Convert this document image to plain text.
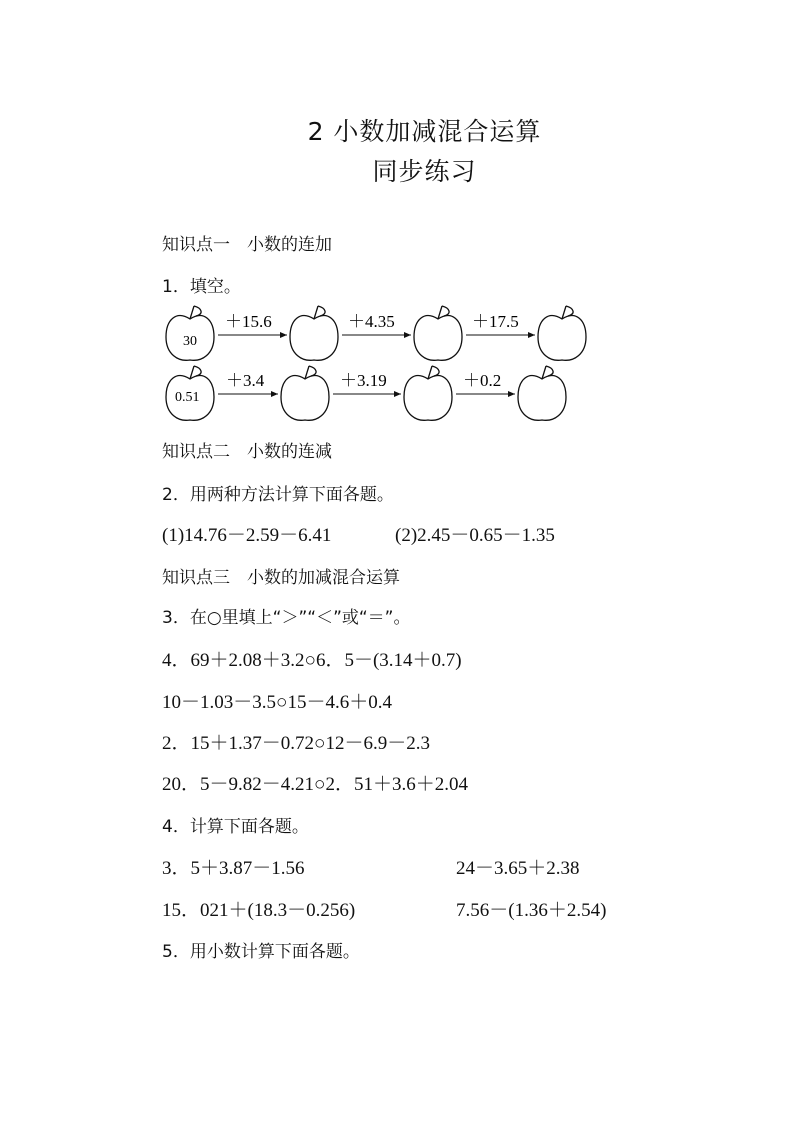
2 小数加减混合运算
同步练习
知识点一　小数的连加
1．填空。
30
＋15.6	＋4.35	＋17.5
0.51
＋3.4	＋3.19	＋0.2
知识点二　小数的连减
2．用两种方法计算下面各题。
(1)14.76－2.59－6.41	(2)2.45－0.65－1.35
知识点三　小数的加减混合运算
3．在○里填上“＞”“＜”或“＝”。
4．69＋2.08＋3.2○6．5－(3.14＋0.7)
10－1.03－3.5○15－4.6＋0.4
2．15＋1.37－0.72○12－6.9－2.3
20．5－9.82－4.21○2．51＋3.6＋2.04
4．计算下面各题。
3．5＋3.87－1.56	24－3.65＋2.38
15．021＋(18.3－0.256)	7.56－(1.36＋2.54)
5．用小数计算下面各题。
